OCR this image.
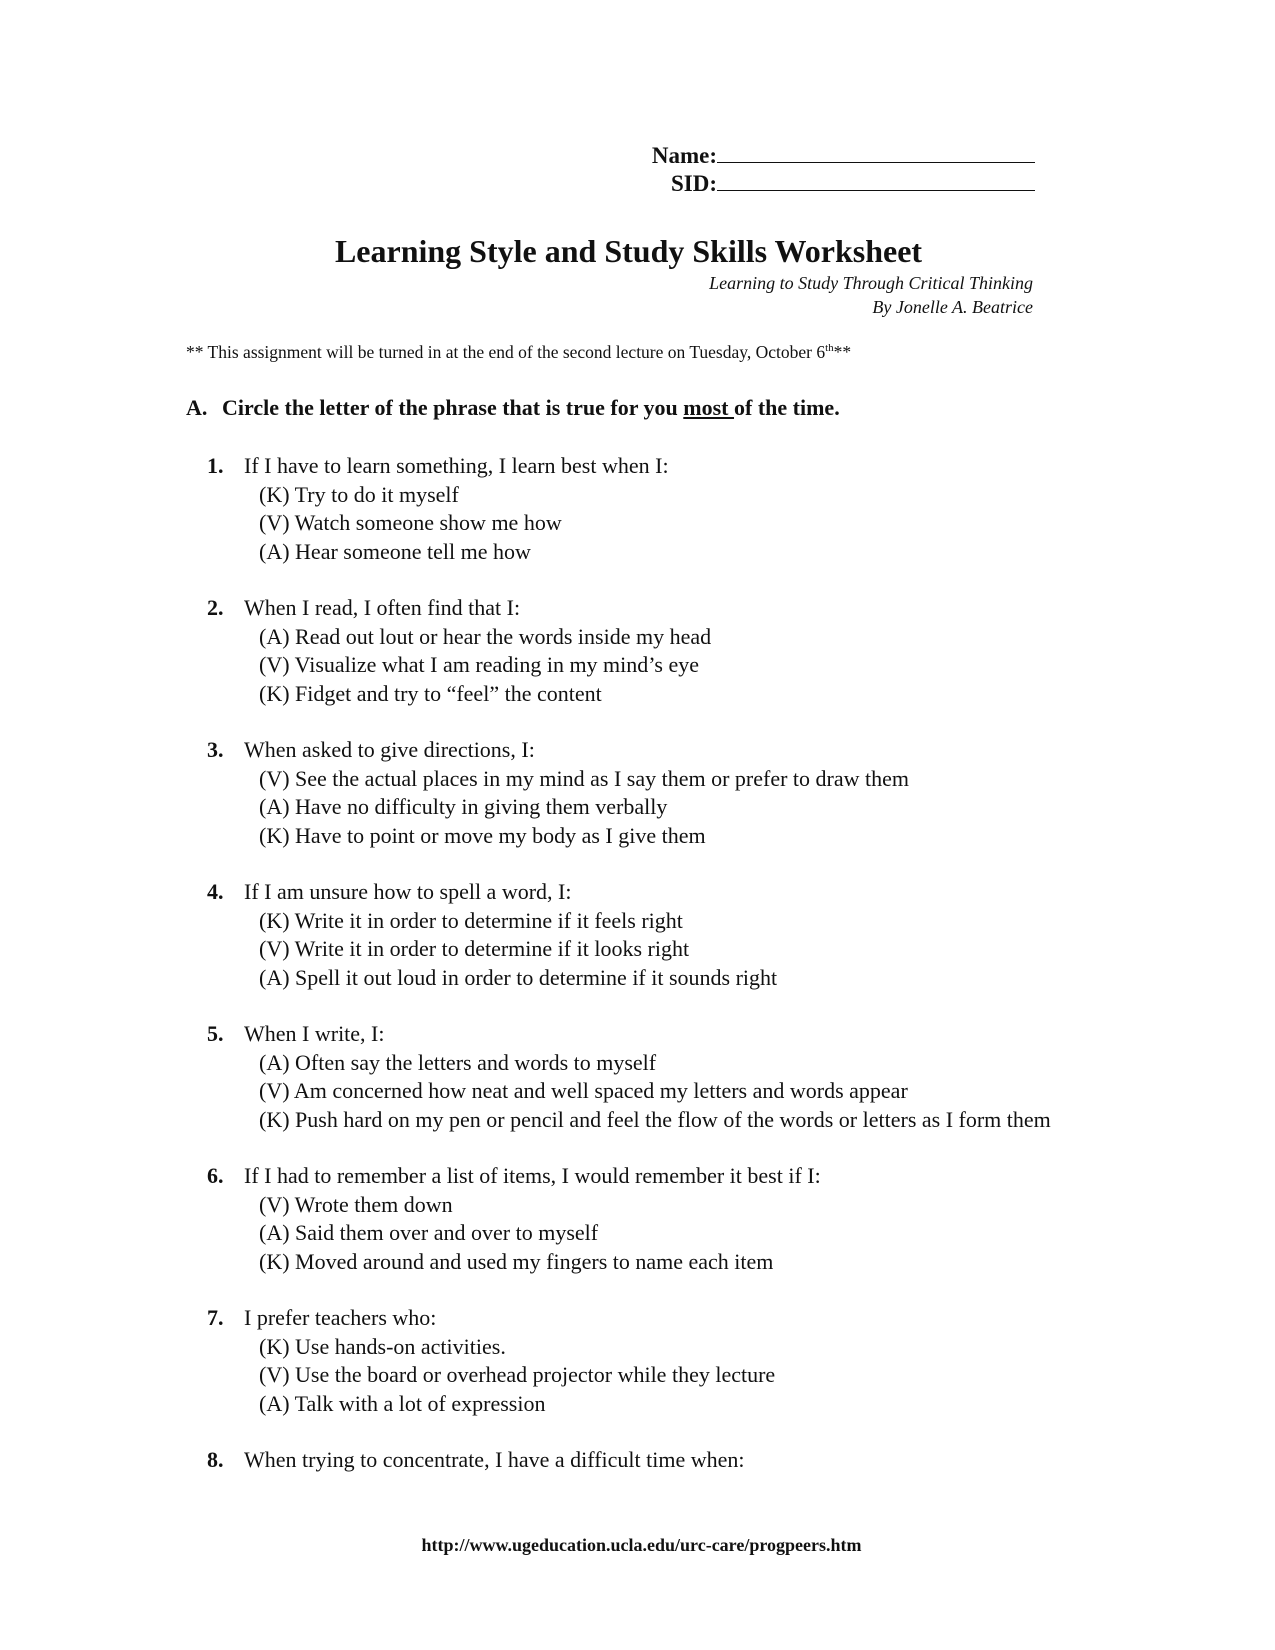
Name:
SID:
Learning Style and Study Skills Worksheet
Learning to Study Through Critical Thinking
By Jonelle A. Beatrice
** This assignment will be turned in at the end of the second lecture on Tuesday, October 6th**
A. Circle the letter of the phrase that is true for you most of the time.
1. If I have to learn something, I learn best when I:
(K) Try to do it myself
(V) Watch someone show me how
(A) Hear someone tell me how
2. When I read, I often find that I:
(A) Read out lout or hear the words inside my head
(V) Visualize what I am reading in my mind’s eye
(K) Fidget and try to “feel” the content
3. When asked to give directions, I:
(V) See the actual places in my mind as I say them or prefer to draw them
(A) Have no difficulty in giving them verbally
(K) Have to point or move my body as I give them
4. If I am unsure how to spell a word, I:
(K) Write it in order to determine if it feels right
(V) Write it in order to determine if it looks right
(A) Spell it out loud in order to determine if it sounds right
5. When I write, I:
(A) Often say the letters and words to myself
(V) Am concerned how neat and well spaced my letters and words appear
(K) Push hard on my pen or pencil and feel the flow of the words or letters as I form them
6. If I had to remember a list of items, I would remember it best if I:
(V) Wrote them down
(A) Said them over and over to myself
(K) Moved around and used my fingers to name each item
7. I prefer teachers who:
(K) Use hands-on activities.
(V) Use the board or overhead projector while they lecture
(A) Talk with a lot of expression
8. When trying to concentrate, I have a difficult time when:
http://www.ugeducation.ucla.edu/urc-care/progpeers.htm
